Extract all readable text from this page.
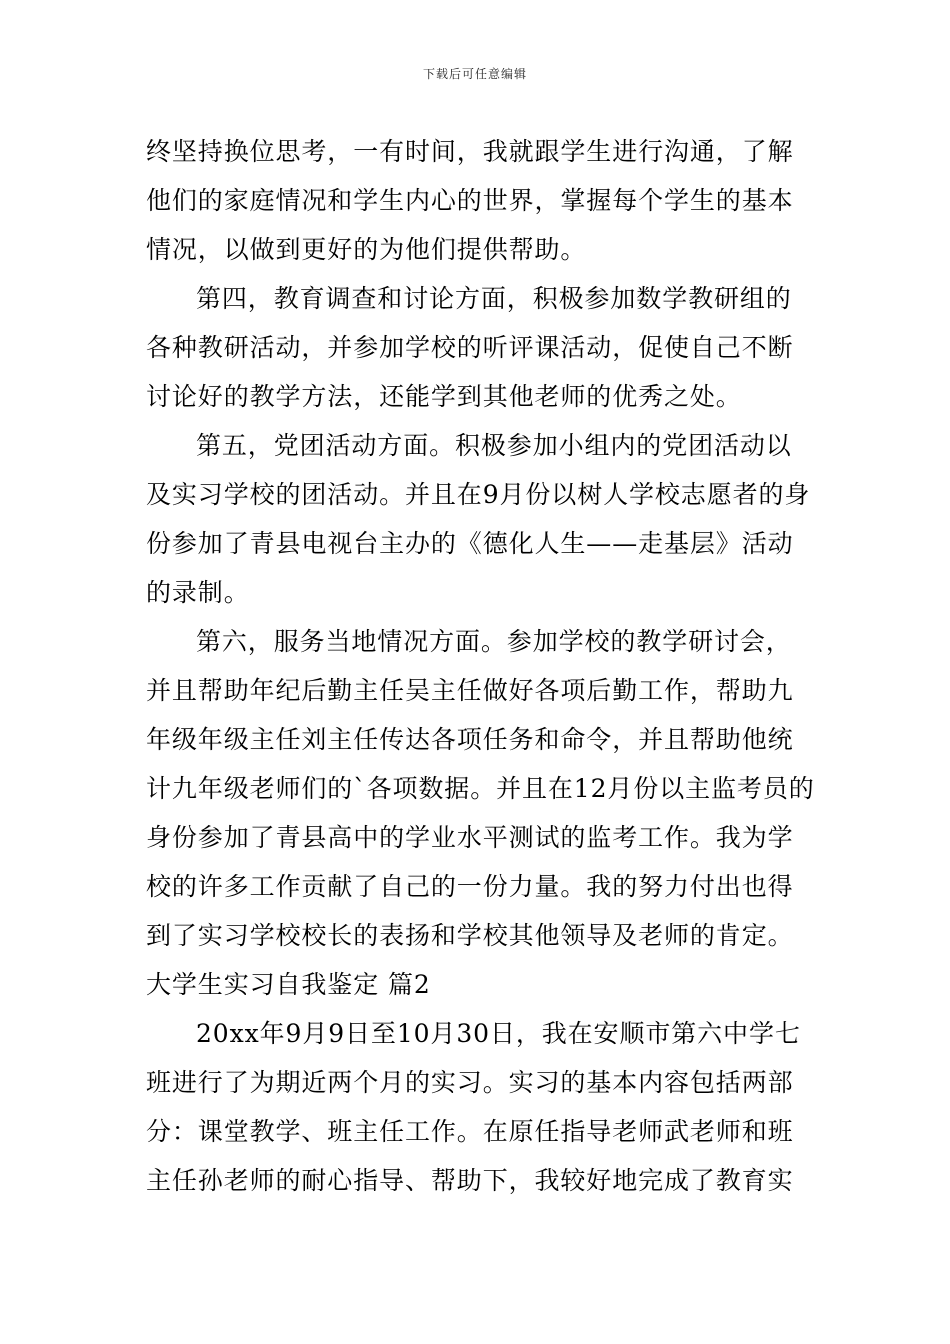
下载后可任意编辑
终坚持换位思考，一有时间，我就跟学生进行沟通，了解
他们的家庭情况和学生内心的世界，掌握每个学生的基本
情况，以做到更好的为他们提供帮助。
第四，教育调查和讨论方面，积极参加数学教研组的
各种教研活动，并参加学校的听评课活动，促使自己不断
讨论好的教学方法，还能学到其他老师的优秀之处。
第五，党团活动方面。积极参加小组内的党团活动以
及实习学校的团活动。并且在9月份以树人学校志愿者的身
份参加了青县电视台主办的《德化人生——走基层》活动
的录制。
第六，服务当地情况方面。参加学校的教学研讨会，
并且帮助年纪后勤主任吴主任做好各项后勤工作，帮助九
年级年级主任刘主任传达各项任务和命令，并且帮助他统
计九年级老师们的`各项数据。并且在12月份以主监考员的
身份参加了青县高中的学业水平测试的监考工作。我为学
校的许多工作贡献了自己的一份力量。我的努力付出也得
到了实习学校校长的表扬和学校其他领导及老师的肯定。
大学生实习自我鉴定 篇2
20xx年9月9日至10月30日，我在安顺市第六中学七
班进行了为期近两个月的实习。实习的基本内容包括两部
分：课堂教学、班主任工作。在原任指导老师武老师和班
主任孙老师的耐心指导、帮助下，我较好地完成了教育实
